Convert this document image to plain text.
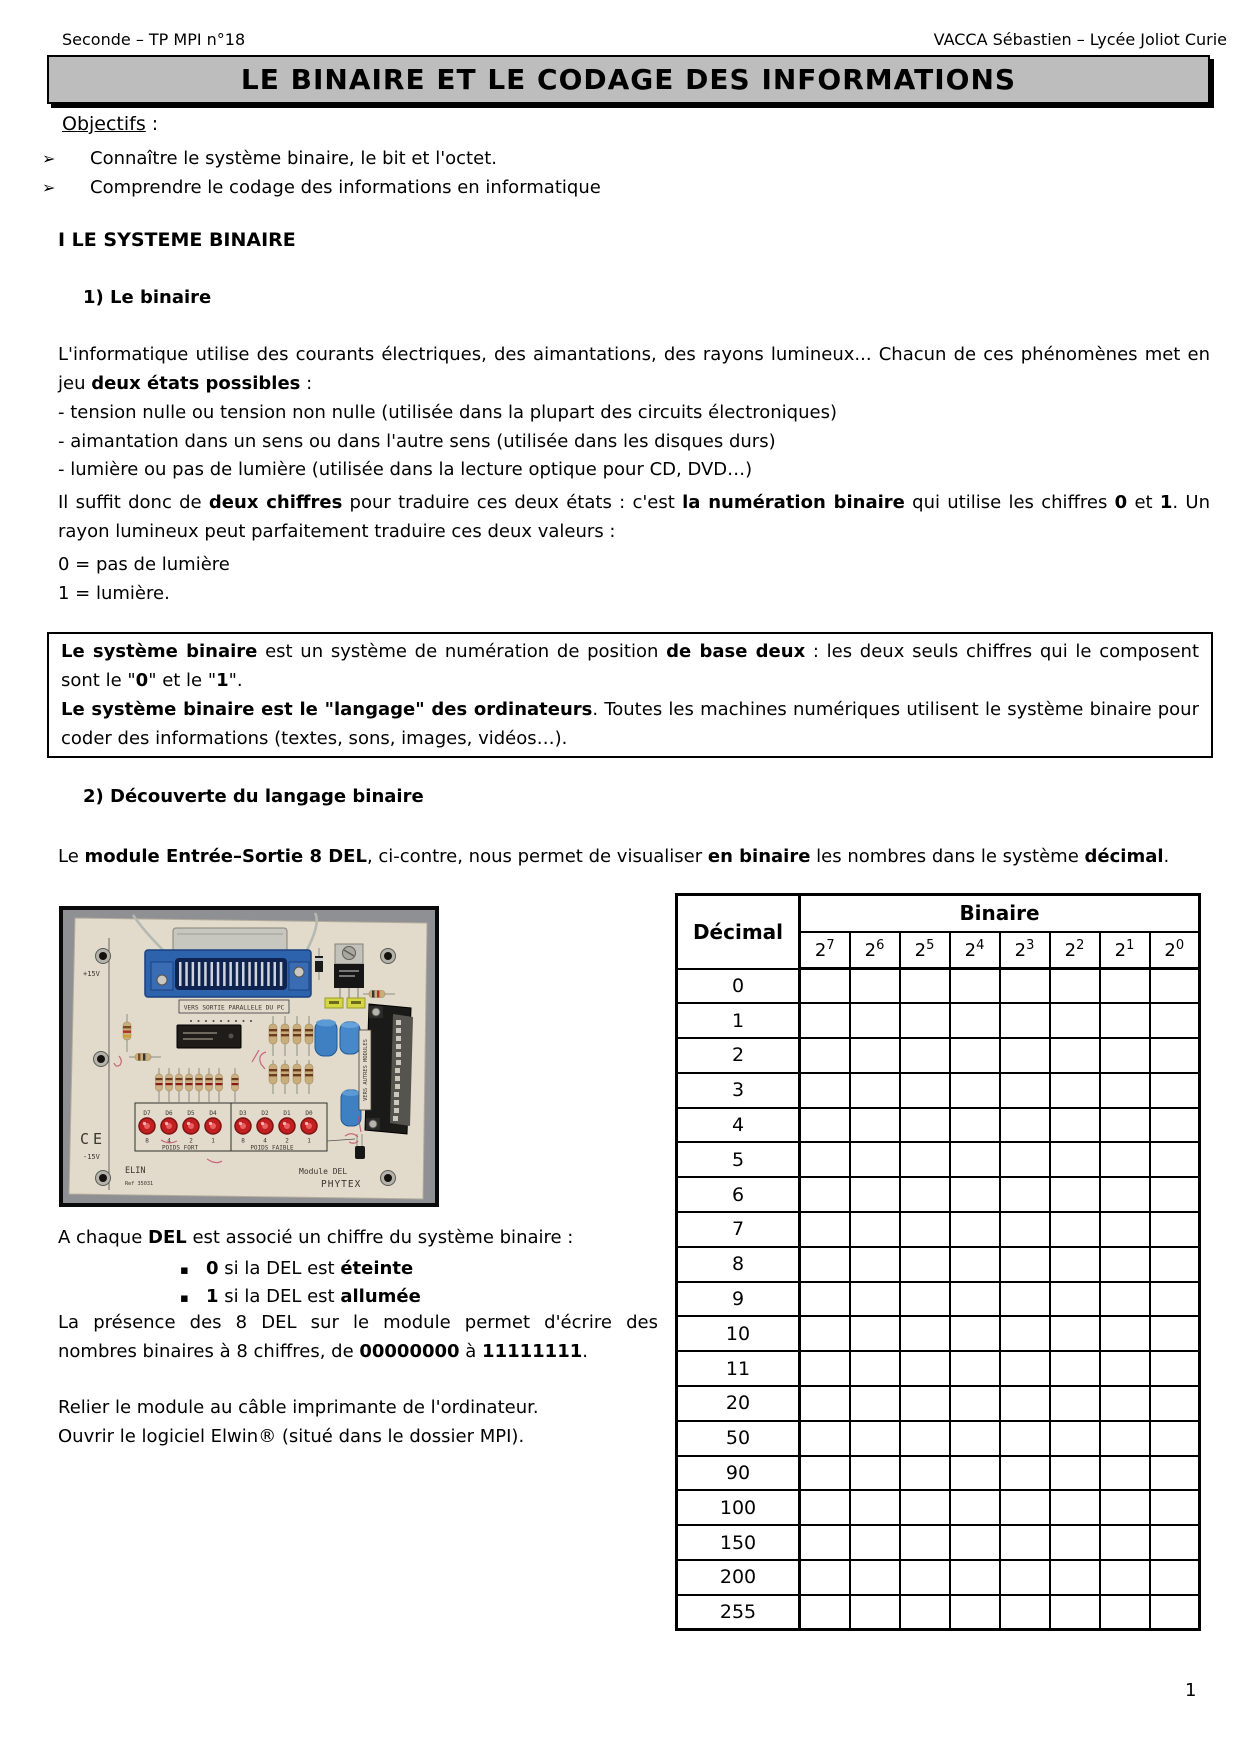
Seconde – TP MPI n°18	VACCA Sébastien – Lycée Joliot Curie
LE BINAIRE ET LE CODAGE DES INFORMATIONS
Objectifs :
➢	Connaître le système binaire, le bit et l'octet.
➢	Comprendre le codage des informations en informatique
I LE SYSTEME BINAIRE
1) Le binaire
L'informatique utilise des courants électriques, des aimantations, des rayons lumineux... Chacun de ces phénomènes met en jeu deux états possibles :
- tension nulle ou tension non nulle (utilisée dans la plupart des circuits électroniques)
- aimantation dans un sens ou dans l'autre sens (utilisée dans les disques durs)
- lumière ou pas de lumière (utilisée dans la lecture optique pour CD, DVD…)
Il suffit donc de deux chiffres pour traduire ces deux états : c'est la numération binaire qui utilise les chiffres 0 et 1. Un rayon lumineux peut parfaitement traduire ces deux valeurs :
0 = pas de lumière
1 = lumière.
Le système binaire est un système de numération de position de base deux : les deux seuls chiffres qui le composent sont le "0" et le "1".
Le système binaire est le "langage" des ordinateurs. Toutes les machines numériques utilisent le système binaire pour coder des informations (textes, sons, images, vidéos…).
2) Découverte du langage binaire
Le module Entrée–Sortie 8 DEL, ci-contre, nous permet de visualiser en binaire les nombres dans le système décimal.
+15V
-15V
CE
VERS SORTIE PARALLELE DU PC
VERS AUTRES MODULES
D7 D6 D5 D4	D3 D2 D1 D0
8	4	2	1	8	4	2	1
POIDS FORT	POIDS FAIBLE
ELIN
Ref 35031
Module DEL
PHYTEX
Décimal	Binaire							
	$2^7$	$2^6$	$2^5$	$2^4$	$2^3$	$2^2$	$2^1$	$2^0$
0								
1								
2								
3								
4								
5								
6								
7								
8								
9								
10								
11								
20								
50								
90								
100								
150								
200								
255								
A chaque DEL est associé un chiffre du système binaire :
▪ 0 si la DEL est éteinte
▪ 1 si la DEL est allumée
La présence des 8 DEL sur le module permet d'écrire des nombres binaires à 8 chiffres, de 00000000 à 11111111.
Relier le module au câble imprimante de l'ordinateur.
Ouvrir le logiciel Elwin® (situé dans le dossier MPI).
1
